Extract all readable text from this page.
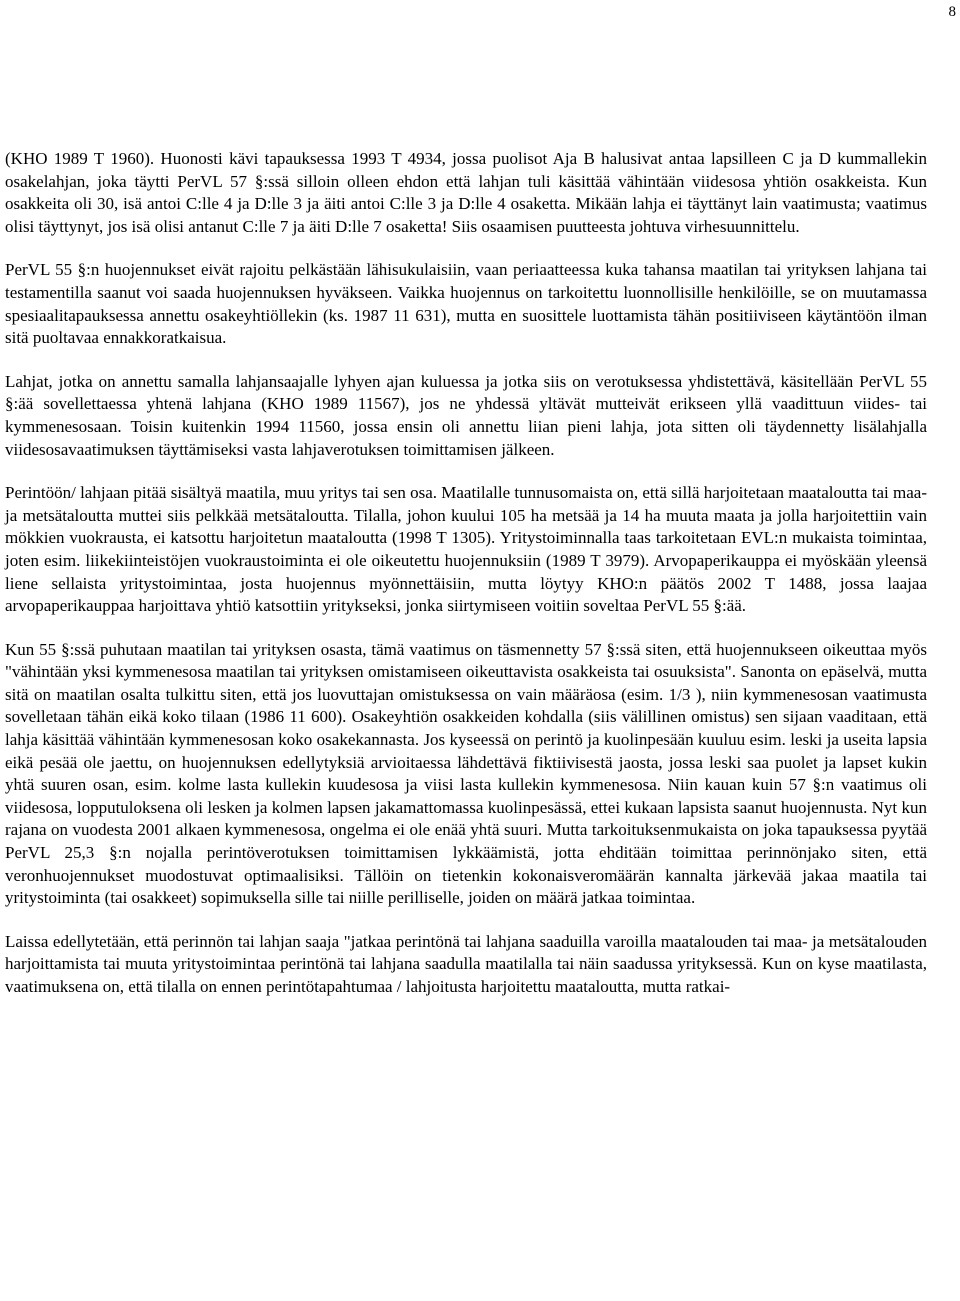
8

(KHO 1989 T 1960). Huonosti kävi tapauksessa 1993 T 4934, jossa puolisot Aja B halusivat antaa lapsilleen C ja D kummallekin osakelahjan, joka täytti PerVL 57 §:ssä silloin olleen ehdon että lahjan tuli käsittää vähintään viidesosa yhtiön osakkeista. Kun osakkeita oli 30, isä antoi C:lle 4 ja D:lle 3 ja äiti antoi C:lle 3 ja D:lle 4 osaketta. Mikään lahja ei täyttänyt lain vaatimusta; vaatimus olisi täyttynyt, jos isä olisi antanut C:lle 7 ja äiti D:lle 7 osaketta! Siis osaamisen puutteesta johtuva virhesuunnittelu.

PerVL 55 §:n huojennukset eivät rajoitu pelkästään lähisukulaisiin, vaan periaatteessa kuka tahansa maatilan tai yrityksen lahjana tai testamentilla saanut voi saada huojennuksen hyväkseen. Vaikka huojennus on tarkoitettu luonnollisille henkilöille, se on muutamassa spesiaalitapauksessa annettu osakeyhtiöllekin (ks. 1987 11 631), mutta en suosittele luottamista tähän positiiviseen käytäntöön ilman sitä puoltavaa ennakkoratkaisua.

Lahjat, jotka on annettu samalla lahjansaajalle lyhyen ajan kuluessa ja jotka siis on verotuksessa yhdistettävä, käsitellään PerVL 55 §:ää sovellettaessa yhtenä lahjana (KHO 1989 11567), jos ne yhdessä yltävät mutteivät erikseen yllä vaadittuun viides- tai kymmenesosaan. Toisin kuitenkin 1994 11560, jossa ensin oli annettu liian pieni lahja, jota sitten oli täydennetty lisälahjalla viidesosavaatimuksen täyttämiseksi vasta lahjaverotuksen toimittamisen jälkeen.

Perintöön/ lahjaan pitää sisältyä maatila, muu yritys tai sen osa. Maatilalle tunnusomaista on, että sillä harjoitetaan maataloutta tai maa- ja metsätaloutta muttei siis pelkkää metsätaloutta. Tilalla, johon kuului 105 ha metsää ja 14 ha muuta maata ja jolla harjoitettiin vain mökkien vuokrausta, ei katsottu harjoitetun maataloutta (1998 T 1305). Yritystoiminnalla taas tarkoitetaan EVL:n mukaista toimintaa, joten esim. liikekiinteistöjen vuokraustoiminta ei ole oikeutettu huojennuksiin (1989 T 3979). Arvopaperikauppa ei myöskään yleensä liene sellaista yritystoimintaa, josta huojennus myönnettäisiin, mutta löytyy KHO:n päätös 2002 T 1488, jossa laajaa arvopaperikauppaa harjoittava yhtiö katsottiin yritykseksi, jonka siirtymiseen voitiin soveltaa PerVL 55 §:ää.

Kun 55 §:ssä puhutaan maatilan tai yrityksen osasta, tämä vaatimus on täsmennetty 57 §:ssä siten, että huojennukseen oikeuttaa myös "vähintään yksi kymmenesosa maatilan tai yrityksen omistamiseen oikeuttavista osakkeista tai osuuksista". Sanonta on epäselvä, mutta sitä on maatilan osalta tulkittu siten, että jos luovuttajan omistuksessa on vain määräosa (esim. 1/3 ), niin kymmenesosan vaatimusta sovelletaan tähän eikä koko tilaan (1986 11 600). Osakeyhtiön osakkeiden kohdalla (siis välillinen omistus) sen sijaan vaaditaan, että lahja käsittää vähintään kymmenesosan koko osakekannasta. Jos kyseessä on perintö ja kuolinpesään kuuluu esim. leski ja useita lapsia eikä pesää ole jaettu, on huojennuksen edellytyksiä arvioitaessa lähdettävä fiktiivisestä jaosta, jossa leski saa puolet ja lapset kukin yhtä suuren osan, esim. kolme lasta kullekin kuudesosa ja viisi lasta kullekin kymmenesosa. Niin kauan kuin 57 §:n vaatimus oli viidesosa, lopputuloksena oli lesken ja kolmen lapsen jakamattomassa kuolinpesässä, ettei kukaan lapsista saanut huojennusta. Nyt kun rajana on vuodesta 2001 alkaen kymmenesosa, ongelma ei ole enää yhtä suuri. Mutta tarkoituksenmukaista on joka tapauksessa pyytää PerVL 25,3 §:n nojalla perintöverotuksen toimittamisen lykkäämistä, jotta ehditään toimittaa perinnönjako siten, että veronhuojennukset muodostuvat optimaalisiksi. Tällöin on tietenkin kokonaisveromäärän kannalta järkevää jakaa maatila tai yritystoiminta (tai osakkeet) sopimuksella sille tai niille perilliselle, joiden on määrä jatkaa toimintaa.

Laissa edellytetään, että perinnön tai lahjan saaja "jatkaa perintönä tai lahjana saaduilla varoilla maatalouden tai maa- ja metsätalouden harjoittamista tai muuta yritystoimintaa perintönä tai lahjana saadulla maatilalla tai näin saadussa yrityksessä. Kun on kyse maatilasta, vaatimuksena on, että tilalla on ennen perintötapahtumaa / lahjoitusta harjoitettu maataloutta, mutta ratkai-
